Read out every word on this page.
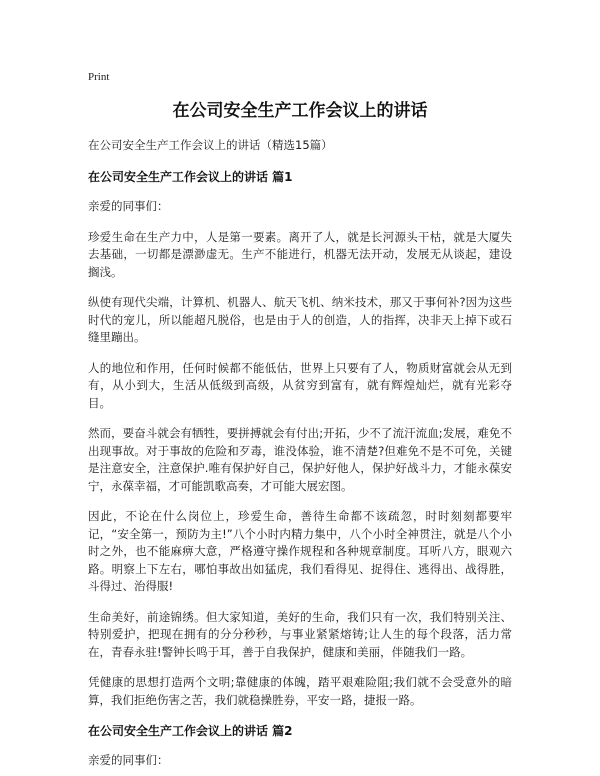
Print
在公司安全生产工作会议上的讲话
在公司安全生产工作会议上的讲话（精选15篇）
在公司安全生产工作会议上的讲话 篇1
亲爱的同事们：

珍爱生命在生产力中，人是第一要素。离开了人，就是长河源头干枯，就是大厦失去基础，一切都是漂渺虚无。生产不能进行，机器无法开动，发展无从谈起，建设搁浅。

纵使有现代尖端，计算机、机器人、航天飞机、纳米技术，那又于事何补?因为这些时代的宠儿，所以能超凡脱俗，也是由于人的创造，人的指挥，决非天上掉下或石缝里蹦出。

人的地位和作用，任何时候都不能低估，世界上只要有了人，物质财富就会从无到有，从小到大，生活从低级到高级，从贫穷到富有，就有辉煌灿烂，就有光彩夺目。

然而，要奋斗就会有牺牲，要拼搏就会有付出;开拓，少不了流汗流血;发展，难免不出现事故。对于事故的危险和歹毒，谁没体验，谁不清楚?但难免不是不可免，关键是注意安全，注意保护.唯有保护好自己，保护好他人，保护好战斗力，才能永葆安宁，永葆幸福，才可能凯歌高奏，才可能大展宏图。

因此，不论在什么岗位上，珍爱生命，善待生命都不该疏忽，时时刻刻都要牢记，“安全第一，预防为主!”八个小时内精力集中，八个小时全神贯注，就是八个小时之外，也不能麻痹大意，严格遵守操作规程和各种规章制度。耳听八方，眼观六路。明察上下左右，哪怕事故出如猛虎，我们看得见、捉得住、逃得出、战得胜，斗得过、治得服!

生命美好，前途锦绣。但大家知道，美好的生命，我们只有一次，我们特别关注、特别爱护，把现在拥有的分分秒秒，与事业紧紧熔铸;让人生的每个段落，活力常在，青春永驻!警钟长鸣于耳，善于自我保护，健康和美丽，伴随我们一路。

凭健康的思想打造两个文明;靠健康的体魄，踏平艰难险阻;我们就不会受意外的暗算，我们拒绝伤害之苦，我们就稳操胜券，平安一路，捷报一路。

在公司安全生产工作会议上的讲话 篇2
亲爱的同事们：
